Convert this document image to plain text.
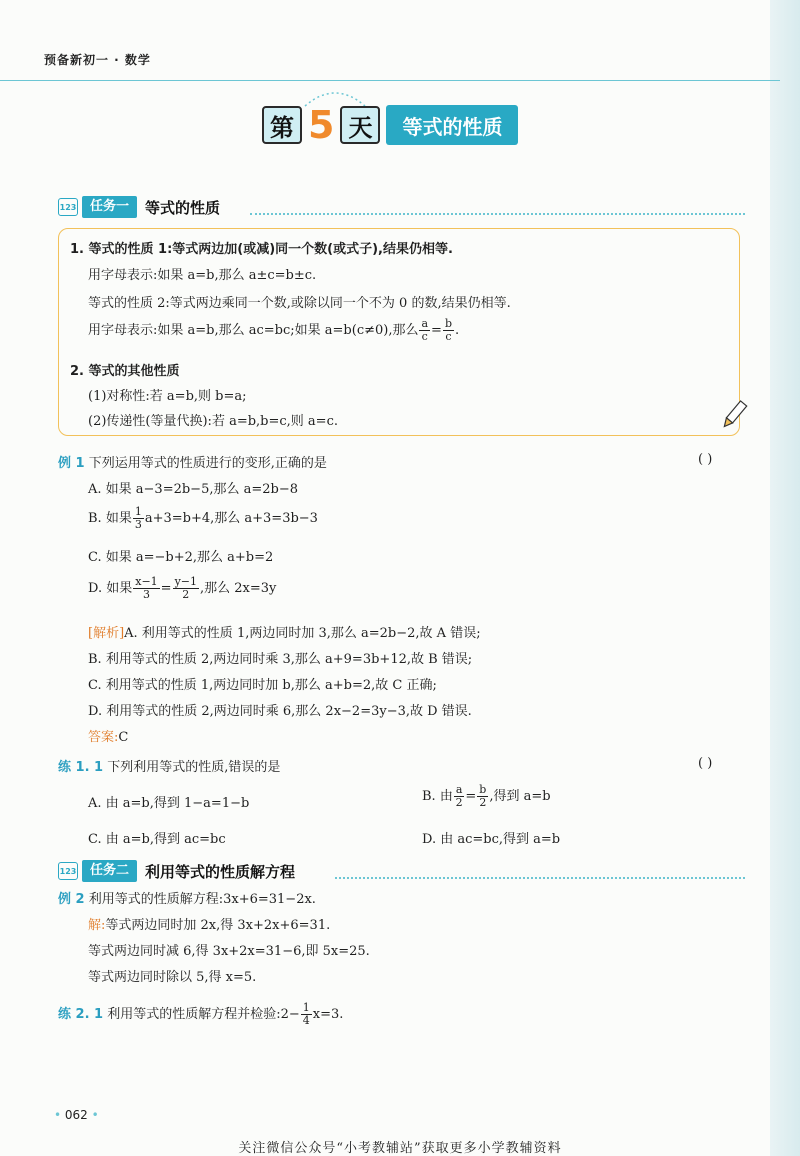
预备新初一 · 数学
第 5 天	等式的性质
123	任务一	等式的性质
1. 等式的性质 1:等式两边加(或减)同一个数(或式子),结果仍相等.
用字母表示:如果 a=b,那么 a±c=b±c.
等式的性质 2:等式两边乘同一个数,或除以同一个不为 0 的数,结果仍相等.
用字母表示:如果 a=b,那么 ac=bc;如果 a=b(c≠0),那么 $\frac{a}{c} = \frac{b}{c}$ .
2. 等式的其他性质
(1)对称性:若 a=b,则 b=a;
(2)传递性(等量代换):若 a=b,b=c,则 a=c.
例 1 下列运用等式的性质进行的变形,正确的是	( )
A. 如果 a−3=2b−5,那么 a=2b−8
B. 如果 $\frac{1}{3} a+3=b+4$,那么 a+3=3b−3
C. 如果 a=−b+2,那么 a+b=2
D. 如果 $\frac{x-1}{3} = \frac{y-1}{2}$ ,那么 2x=3y
[解析]A. 利用等式的性质 1,两边同时加 3,那么 a=2b−2,故 A 错误;
B. 利用等式的性质 2,两边同时乘 3,那么 a+9=3b+12,故 B 错误;
C. 利用等式的性质 1,两边同时加 b,那么 a+b=2,故 C 正确;
D. 利用等式的性质 2,两边同时乘 6,那么 2x−2=3y−3,故 D 错误.
答案:C
练 1. 1 下列利用等式的性质,错误的是	( )
A. 由 a=b,得到 1−a=1−b	B. 由 $\frac{a}{2} = \frac{b}{2}$ ,得到 a=b
C. 由 a=b,得到 ac=bc	D. 由 ac=bc,得到 a=b
123	任务二	利用等式的性质解方程
例 2 利用等式的性质解方程:3x+6=31−2x.
解:等式两边同时加 2x,得 3x+2x+6=31.
等式两边同时减 6,得 3x+2x=31−6,即 5x=25.
等式两边同时除以 5,得 x=5.
练 2. 1 利用等式的性质解方程并检验:2− $\frac{1}{4} x=3$.
• 062 •
关注微信公众号“小考教辅站”获取更多小学教辅资料
